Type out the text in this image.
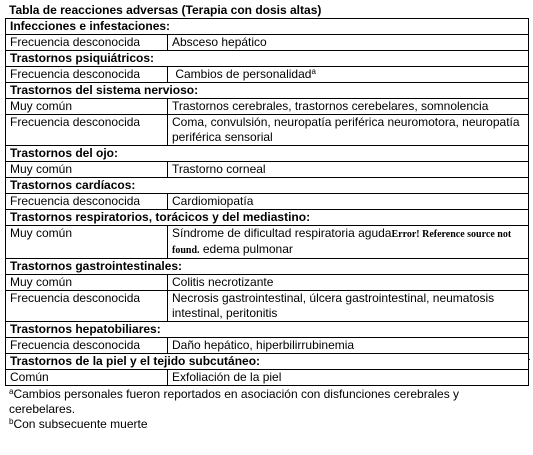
Tabla de reacciones adversas (Terapia con dosis altas)
Infecciones e infestaciones:	
Frecuencia desconocida	Absceso hepático
Trastornos psiquiátricos:	
Frecuencia desconocida	Cambios de personalidad$^a$
Trastornos del sistema nervioso:	
Muy común	Trastornos cerebrales, trastornos cerebelares, somnolencia
Frecuencia desconocida	Coma, convulsión, neuropatía periférica neuromotora, neuropatía periférica sensorial
Trastornos del ojo:	
Muy común	Trastorno corneal
Trastornos cardíacos:	
Frecuencia desconocida	Cardiomiopatía
Trastornos respiratorios, torácicos y del mediastino:	
Muy común	Síndrome de dificultad respiratoria agudaError! Reference source not found. edema pulmonar
Trastornos gastrointestinales:	
Muy común	Colitis necrotizante
Frecuencia desconocida	Necrosis gastrointestinal, úlcera gastrointestinal, neumatosis intestinal, peritonitis
Trastornos hepatobiliares:	
Frecuencia desconocida	Daño hepático, hiperbilirrubinemia
Trastornos de la piel y el tejido subcutáneo:	
Común	Exfoliación de la piel
$^a$Cambios personales fueron reportados en asociación con disfunciones cerebrales y cerebelares.
$^b$Con subsecuente muerte
.
